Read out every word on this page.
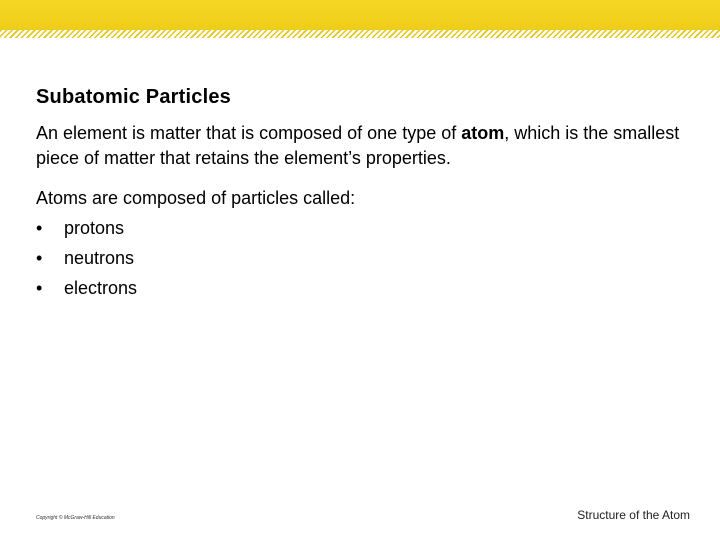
Subatomic Particles
An element is matter that is composed of one type of atom, which is the smallest piece of matter that retains the element’s properties.
Atoms are composed of particles called:
•	protons
•	neutrons
•	electrons
Copyright © McGraw-Hill Education	Structure of the Atom
